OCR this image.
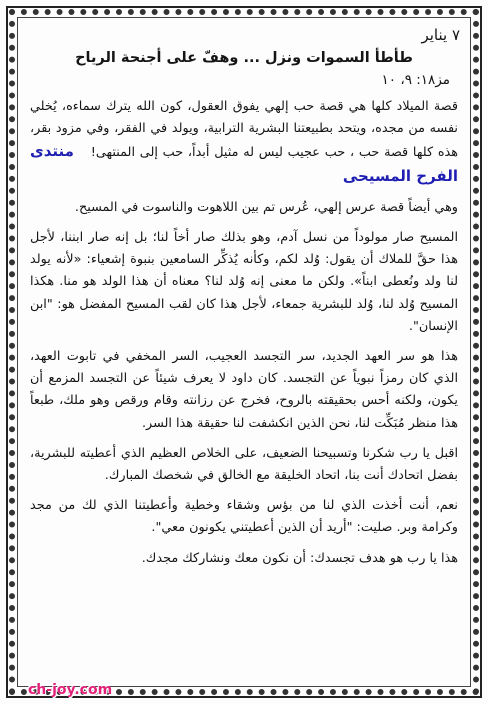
٧ يناير
طأطأ السموات ونزل ... وهفّ على أجنحة الرياح
مز١٨: ٩، ١٠
قصة الميلاد كلها هي قصة حب إلهي يفوق العقول، كون الله يترك سماءه، يُخلي نفسه من مجده، ويتحد بطبيعتنا البشرية الترابية، ويولد في الفقر، وفي مزود بقر، هذه كلها قصة حب ، حب عجيب ليس له مثيل أبداً، حب إلى المنتهى! منتدى الفرح المسيحى
وهي أيضاً قصة عرس إلهي، عُرس تم بين اللاهوت والناسوت في المسيح.
المسيح صار مولوداً من نسل آدم، وهو بذلك صار أخاً لنا؛ بل إنه صار ابننا، لأجل هذا حقَّ للملاك أن يقول: وُلد لكم، وكأنه يُذكِّر السامعين بنبوة إشعياء: «لأنه يولد لنا ولد ونُعطى ابناً». ولكن ما معنى إنه وُلد لنا؟ معناه أن هذا الولد هو منا. هكذا المسيح وُلد لنا، وُلد للبشرية جمعاء، لأجل هذا كان لقب المسيح المفضل هو: "ابن الإنسان".
هذا هو سر العهد الجديد، سر التجسد العجيب، السر المخفي في تابوت العهد، الذي كان رمزاً نبوياً عن التجسد. كان داود لا يعرف شيئاً عن التجسد المزمع أن يكون، ولكنه أحس بحقيقته بالروح، فخرج عن رزانته وقام ورقص وهو ملك، طبعاً هذا منظر مُبَكِّت لنا، نحن الذين انكشفت لنا حقيقة هذا السر.
اقبل يا رب شكرنا وتسبيحنا الضعيف، على الخلاص العظيم الذي أعطيته للبشرية، بفضل اتحادك أنت بنا، اتحاد الخليقة مع الخالق في شخصك المبارك.
نعم، أنت أخذت الذي لنا من بؤس وشقاء وخطية وأعطيتنا الذي لك من مجد وكرامة وبر. صليت: "أريد أن الذين أعطيتني يكونون معي".
هذا يا رب هو هدف تجسدك: أن نكون معك ونشاركك مجدك.
ch-joy.com
